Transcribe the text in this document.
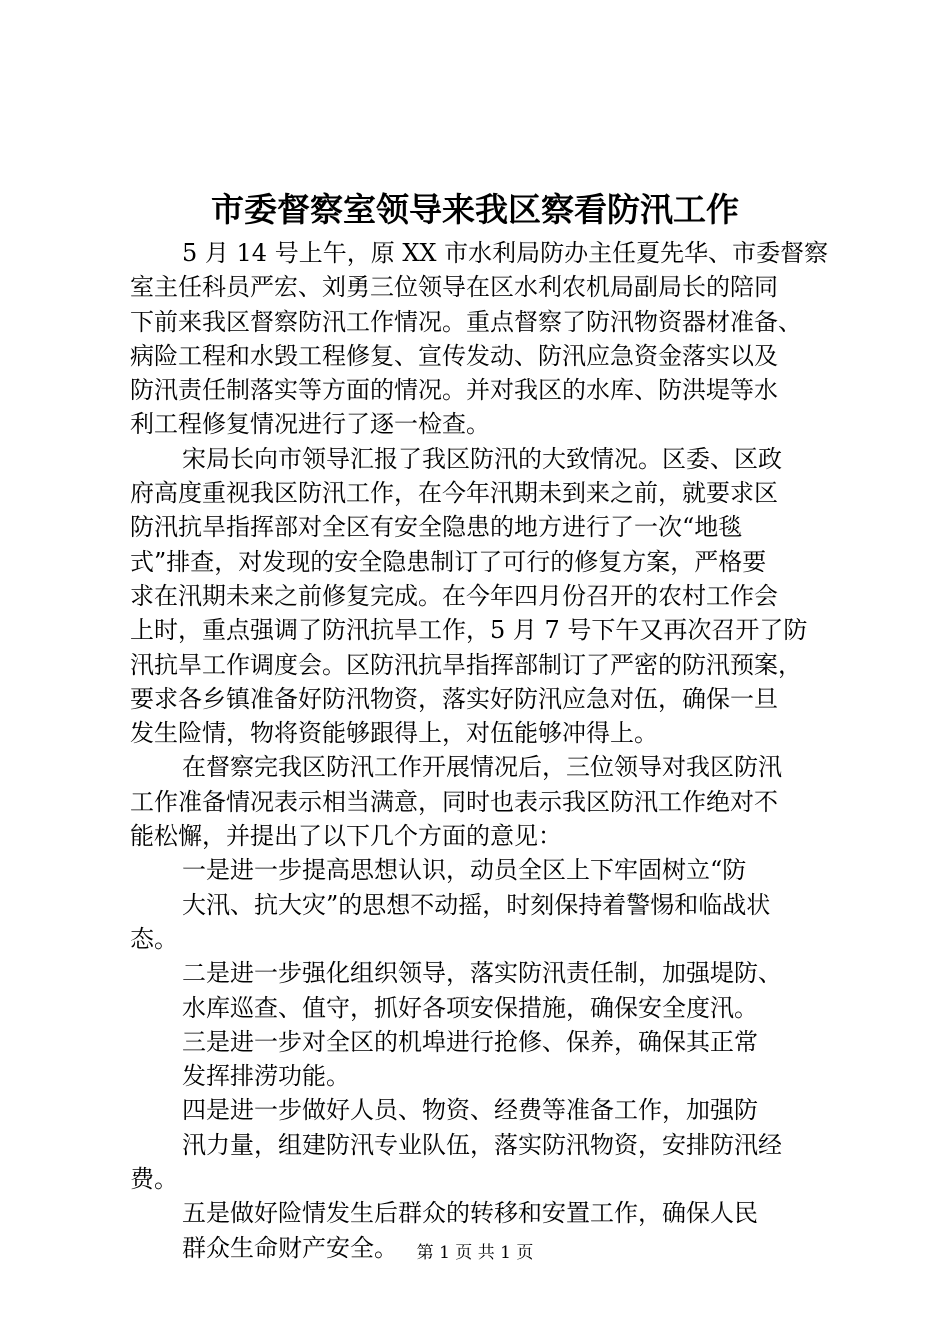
市委督察室领导来我区察看防汛工作
5 月 14 号上午，原 XX 市水利局防办主任夏先华、市委督察
室主任科员严宏、刘勇三位领导在区水利农机局副局长的陪同
下前来我区督察防汛工作情况。重点督察了防汛物资器材准备、
病险工程和水毁工程修复、宣传发动、防汛应急资金落实以及
防汛责任制落实等方面的情况。并对我区的水库、防洪堤等水
利工程修复情况进行了逐一检查。
宋局长向市领导汇报了我区防汛的大致情况。区委、区政
府高度重视我区防汛工作，在今年汛期未到来之前，就要求区
防汛抗旱指挥部对全区有安全隐患的地方进行了一次“地毯
式”排查，对发现的安全隐患制订了可行的修复方案，严格要
求在汛期未来之前修复完成。在今年四月份召开的农村工作会
上时，重点强调了防汛抗旱工作，5 月 7 号下午又再次召开了防
汛抗旱工作调度会。区防汛抗旱指挥部制订了严密的防汛预案，
要求各乡镇准备好防汛物资，落实好防汛应急对伍，确保一旦
发生险情，物将资能够跟得上，对伍能够冲得上。
在督察完我区防汛工作开展情况后，三位领导对我区防汛
工作准备情况表示相当满意，同时也表示我区防汛工作绝对不
能松懈，并提出了以下几个方面的意见：
一是进一步提高思想认识，动员全区上下牢固树立“防
大汛、抗大灾”的思想不动摇，时刻保持着警惕和临战状
态。
二是进一步强化组织领导，落实防汛责任制，加强堤防、
水库巡查、值守，抓好各项安保措施，确保安全度汛。
三是进一步对全区的机埠进行抢修、保养，确保其正常
发挥排涝功能。
四是进一步做好人员、物资、经费等准备工作，加强防
汛力量，组建防汛专业队伍，落实防汛物资，安排防汛经
费。
五是做好险情发生后群众的转移和安置工作，确保人民
群众生命财产安全。	第 1 页 共 1 页
